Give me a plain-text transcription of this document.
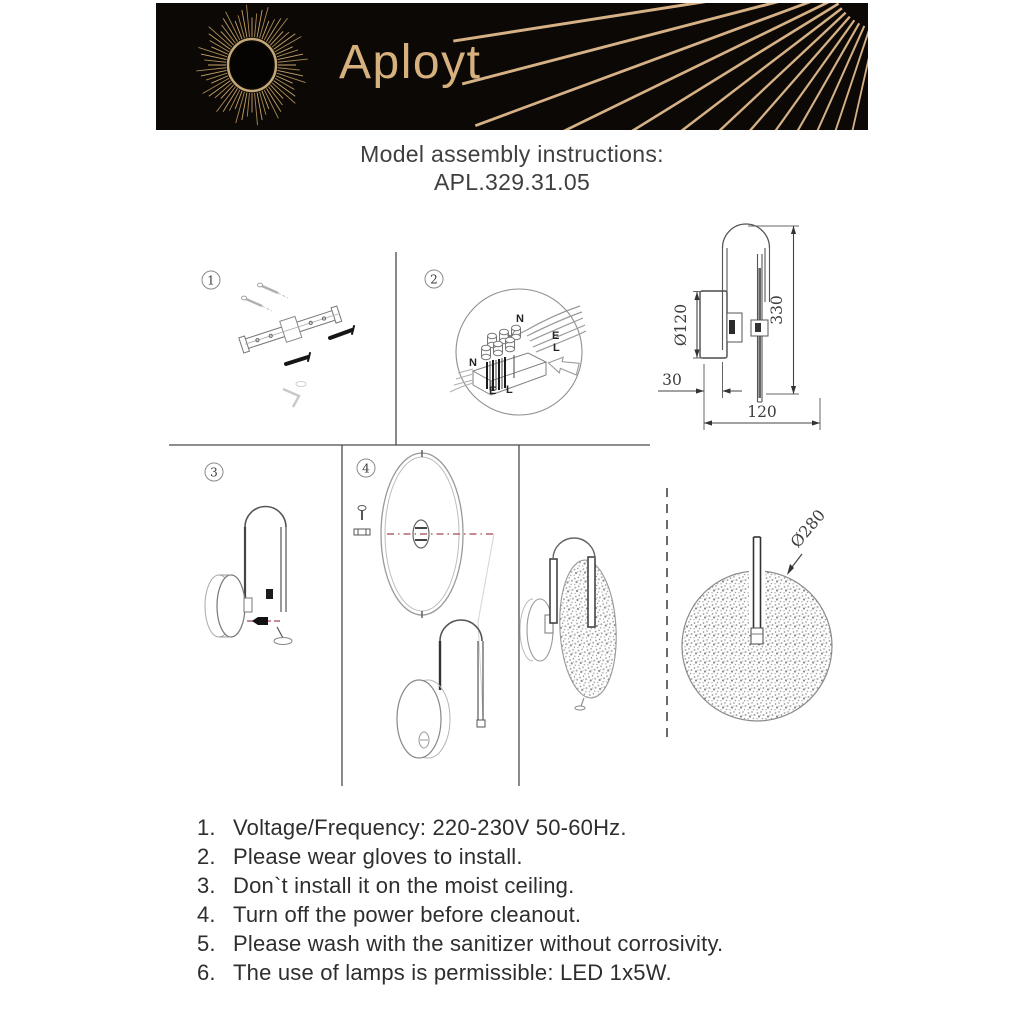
Aployt
Model assembly instructions:
APL.329.31.05
1	2
3	4
N
E
L
N
E L
Ø120	330
30
120
Ø280
1. Voltage/Frequency: 220-230V 50-60Hz.
2. Please wear gloves to install.
3. Don`t install it on the moist ceiling.
4. Turn off the power before cleanout.
5. Please wash with the sanitizer without corrosivity.
6. The use of lamps is permissible: LED 1x5W.
